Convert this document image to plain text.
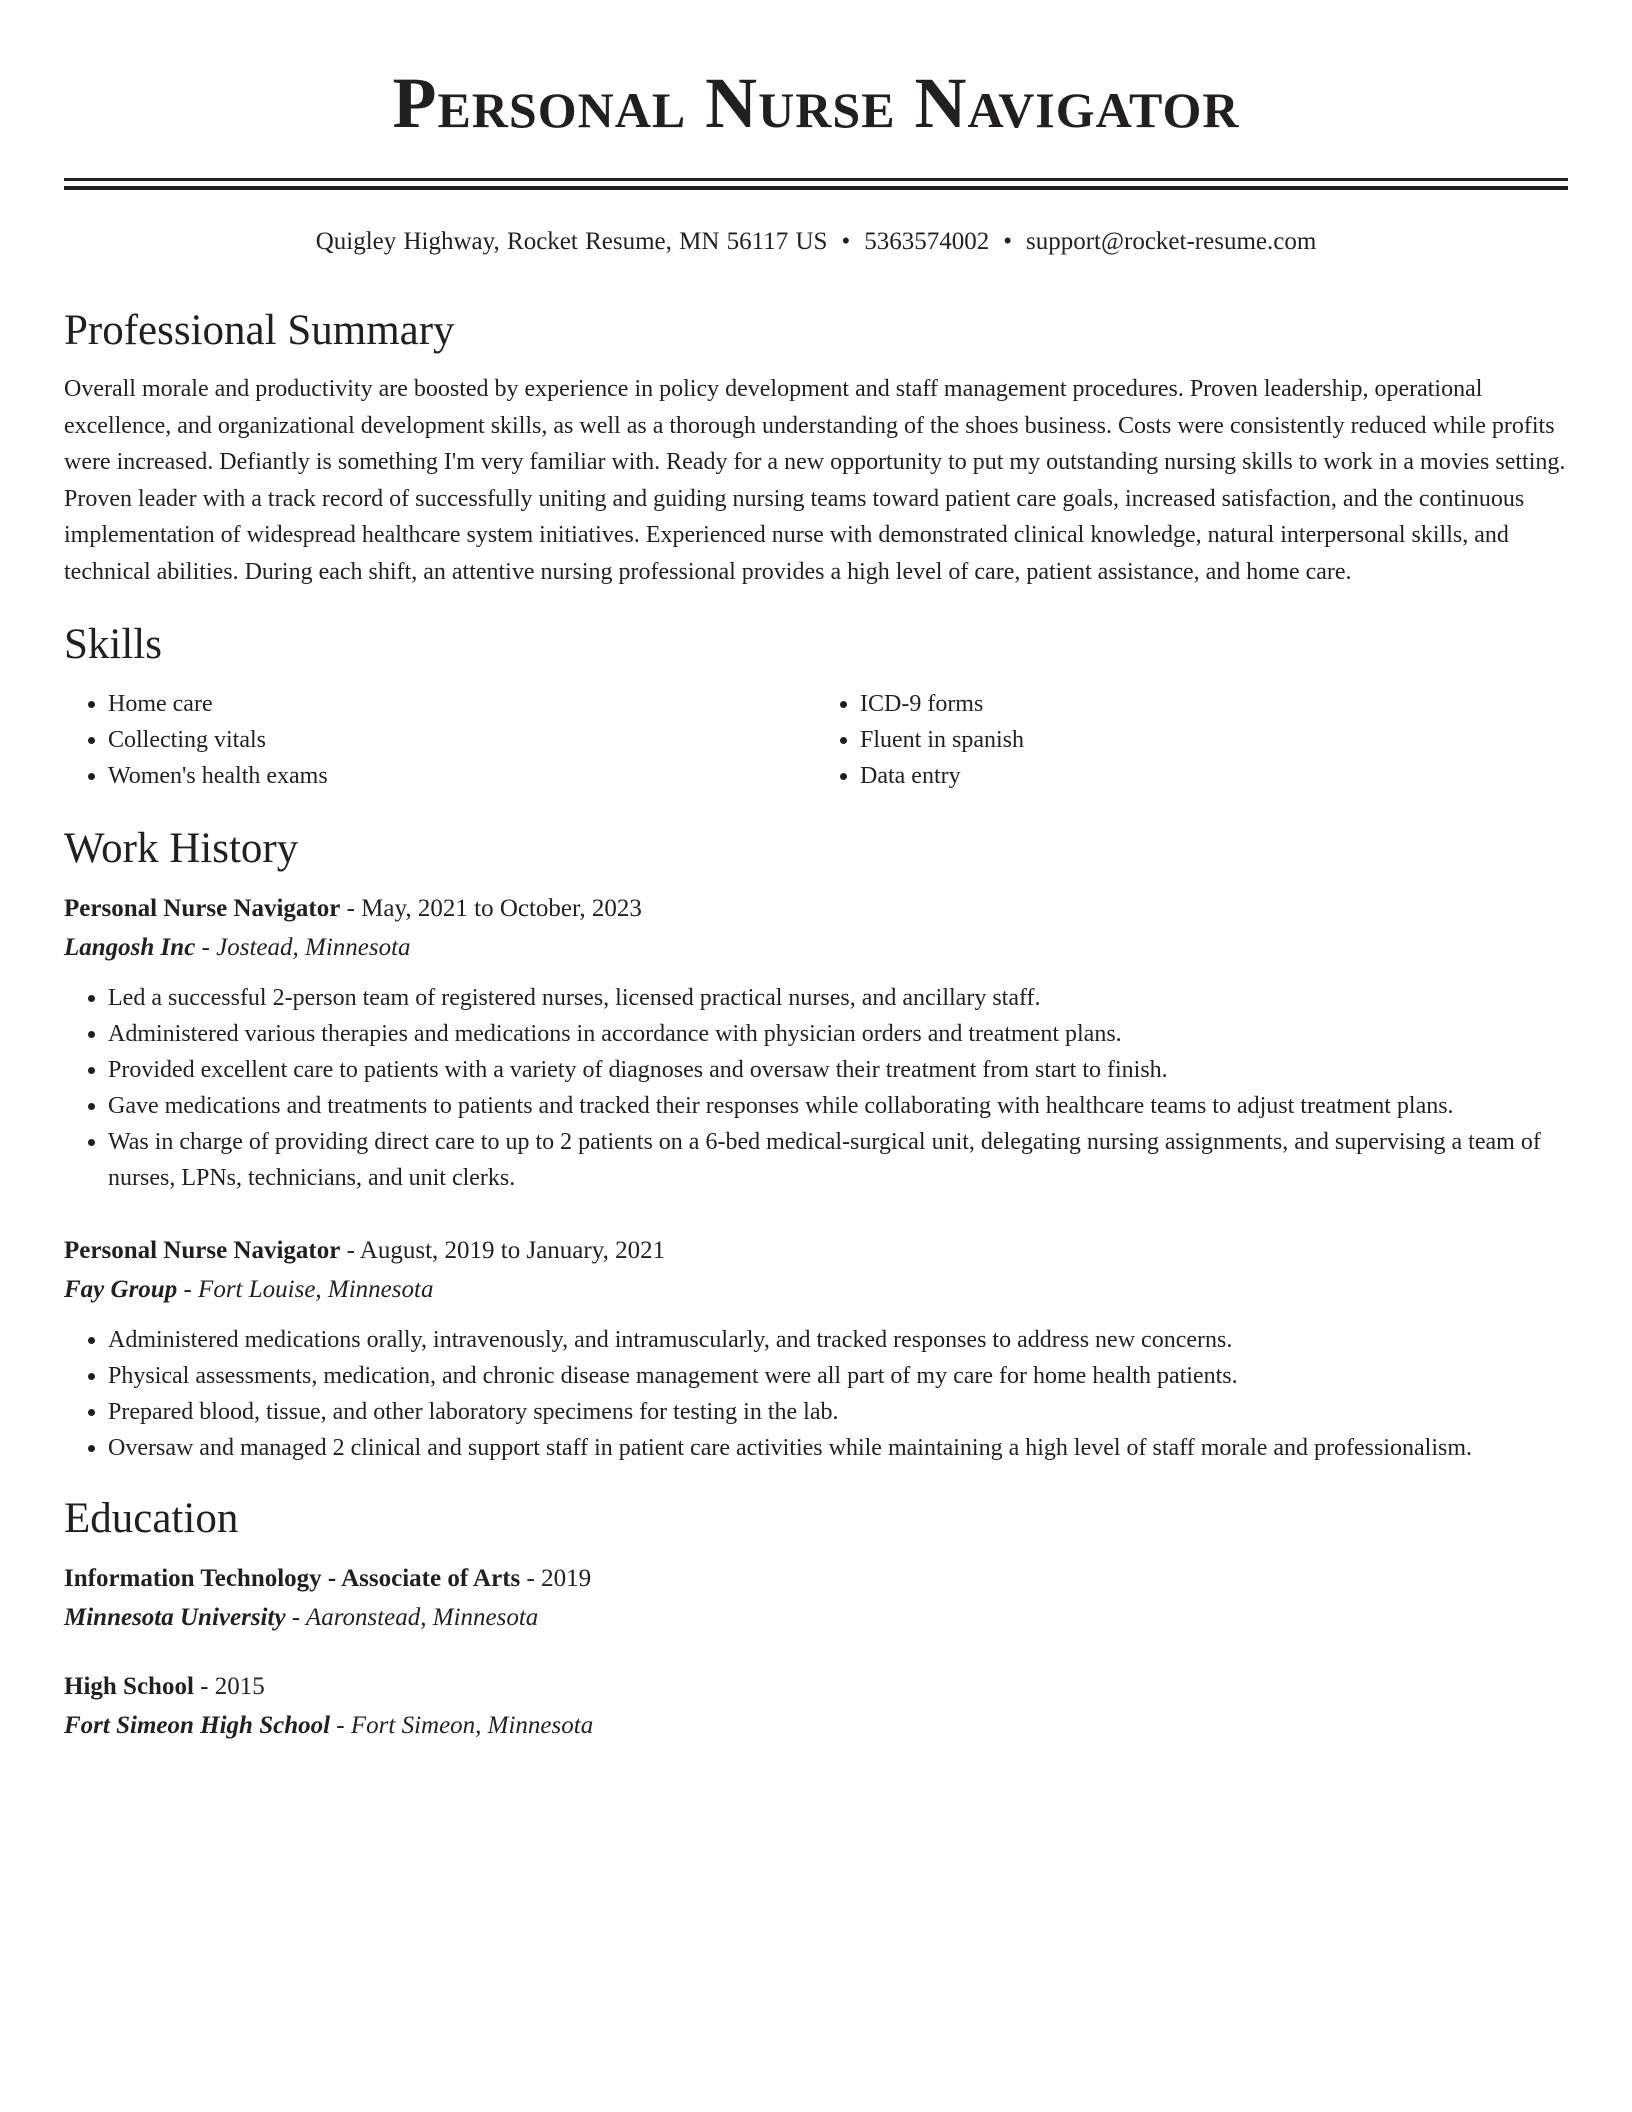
Personal Nurse Navigator
Quigley Highway, Rocket Resume, MN 56117 US • 5363574002 • support@rocket-resume.com
Professional Summary
Overall morale and productivity are boosted by experience in policy development and staff management procedures. Proven leadership, operational excellence, and organizational development skills, as well as a thorough understanding of the shoes business. Costs were consistently reduced while profits were increased. Defiantly is something I'm very familiar with. Ready for a new opportunity to put my outstanding nursing skills to work in a movies setting. Proven leader with a track record of successfully uniting and guiding nursing teams toward patient care goals, increased satisfaction, and the continuous implementation of widespread healthcare system initiatives. Experienced nurse with demonstrated clinical knowledge, natural interpersonal skills, and technical abilities. During each shift, an attentive nursing professional provides a high level of care, patient assistance, and home care.
Skills
• Home care
• Collecting vitals
• Women's health exams
• ICD-9 forms
• Fluent in spanish
• Data entry
Work History
Personal Nurse Navigator - May, 2021 to October, 2023
Langosh Inc - Jostead, Minnesota
• Led a successful 2-person team of registered nurses, licensed practical nurses, and ancillary staff.
• Administered various therapies and medications in accordance with physician orders and treatment plans.
• Provided excellent care to patients with a variety of diagnoses and oversaw their treatment from start to finish.
• Gave medications and treatments to patients and tracked their responses while collaborating with healthcare teams to adjust treatment plans.
• Was in charge of providing direct care to up to 2 patients on a 6-bed medical-surgical unit, delegating nursing assignments, and supervising a team of nurses, LPNs, technicians, and unit clerks.
Personal Nurse Navigator - August, 2019 to January, 2021
Fay Group - Fort Louise, Minnesota
• Administered medications orally, intravenously, and intramuscularly, and tracked responses to address new concerns.
• Physical assessments, medication, and chronic disease management were all part of my care for home health patients.
• Prepared blood, tissue, and other laboratory specimens for testing in the lab.
• Oversaw and managed 2 clinical and support staff in patient care activities while maintaining a high level of staff morale and professionalism.
Education
Information Technology - Associate of Arts - 2019
Minnesota University - Aaronstead, Minnesota
High School - 2015
Fort Simeon High School - Fort Simeon, Minnesota
